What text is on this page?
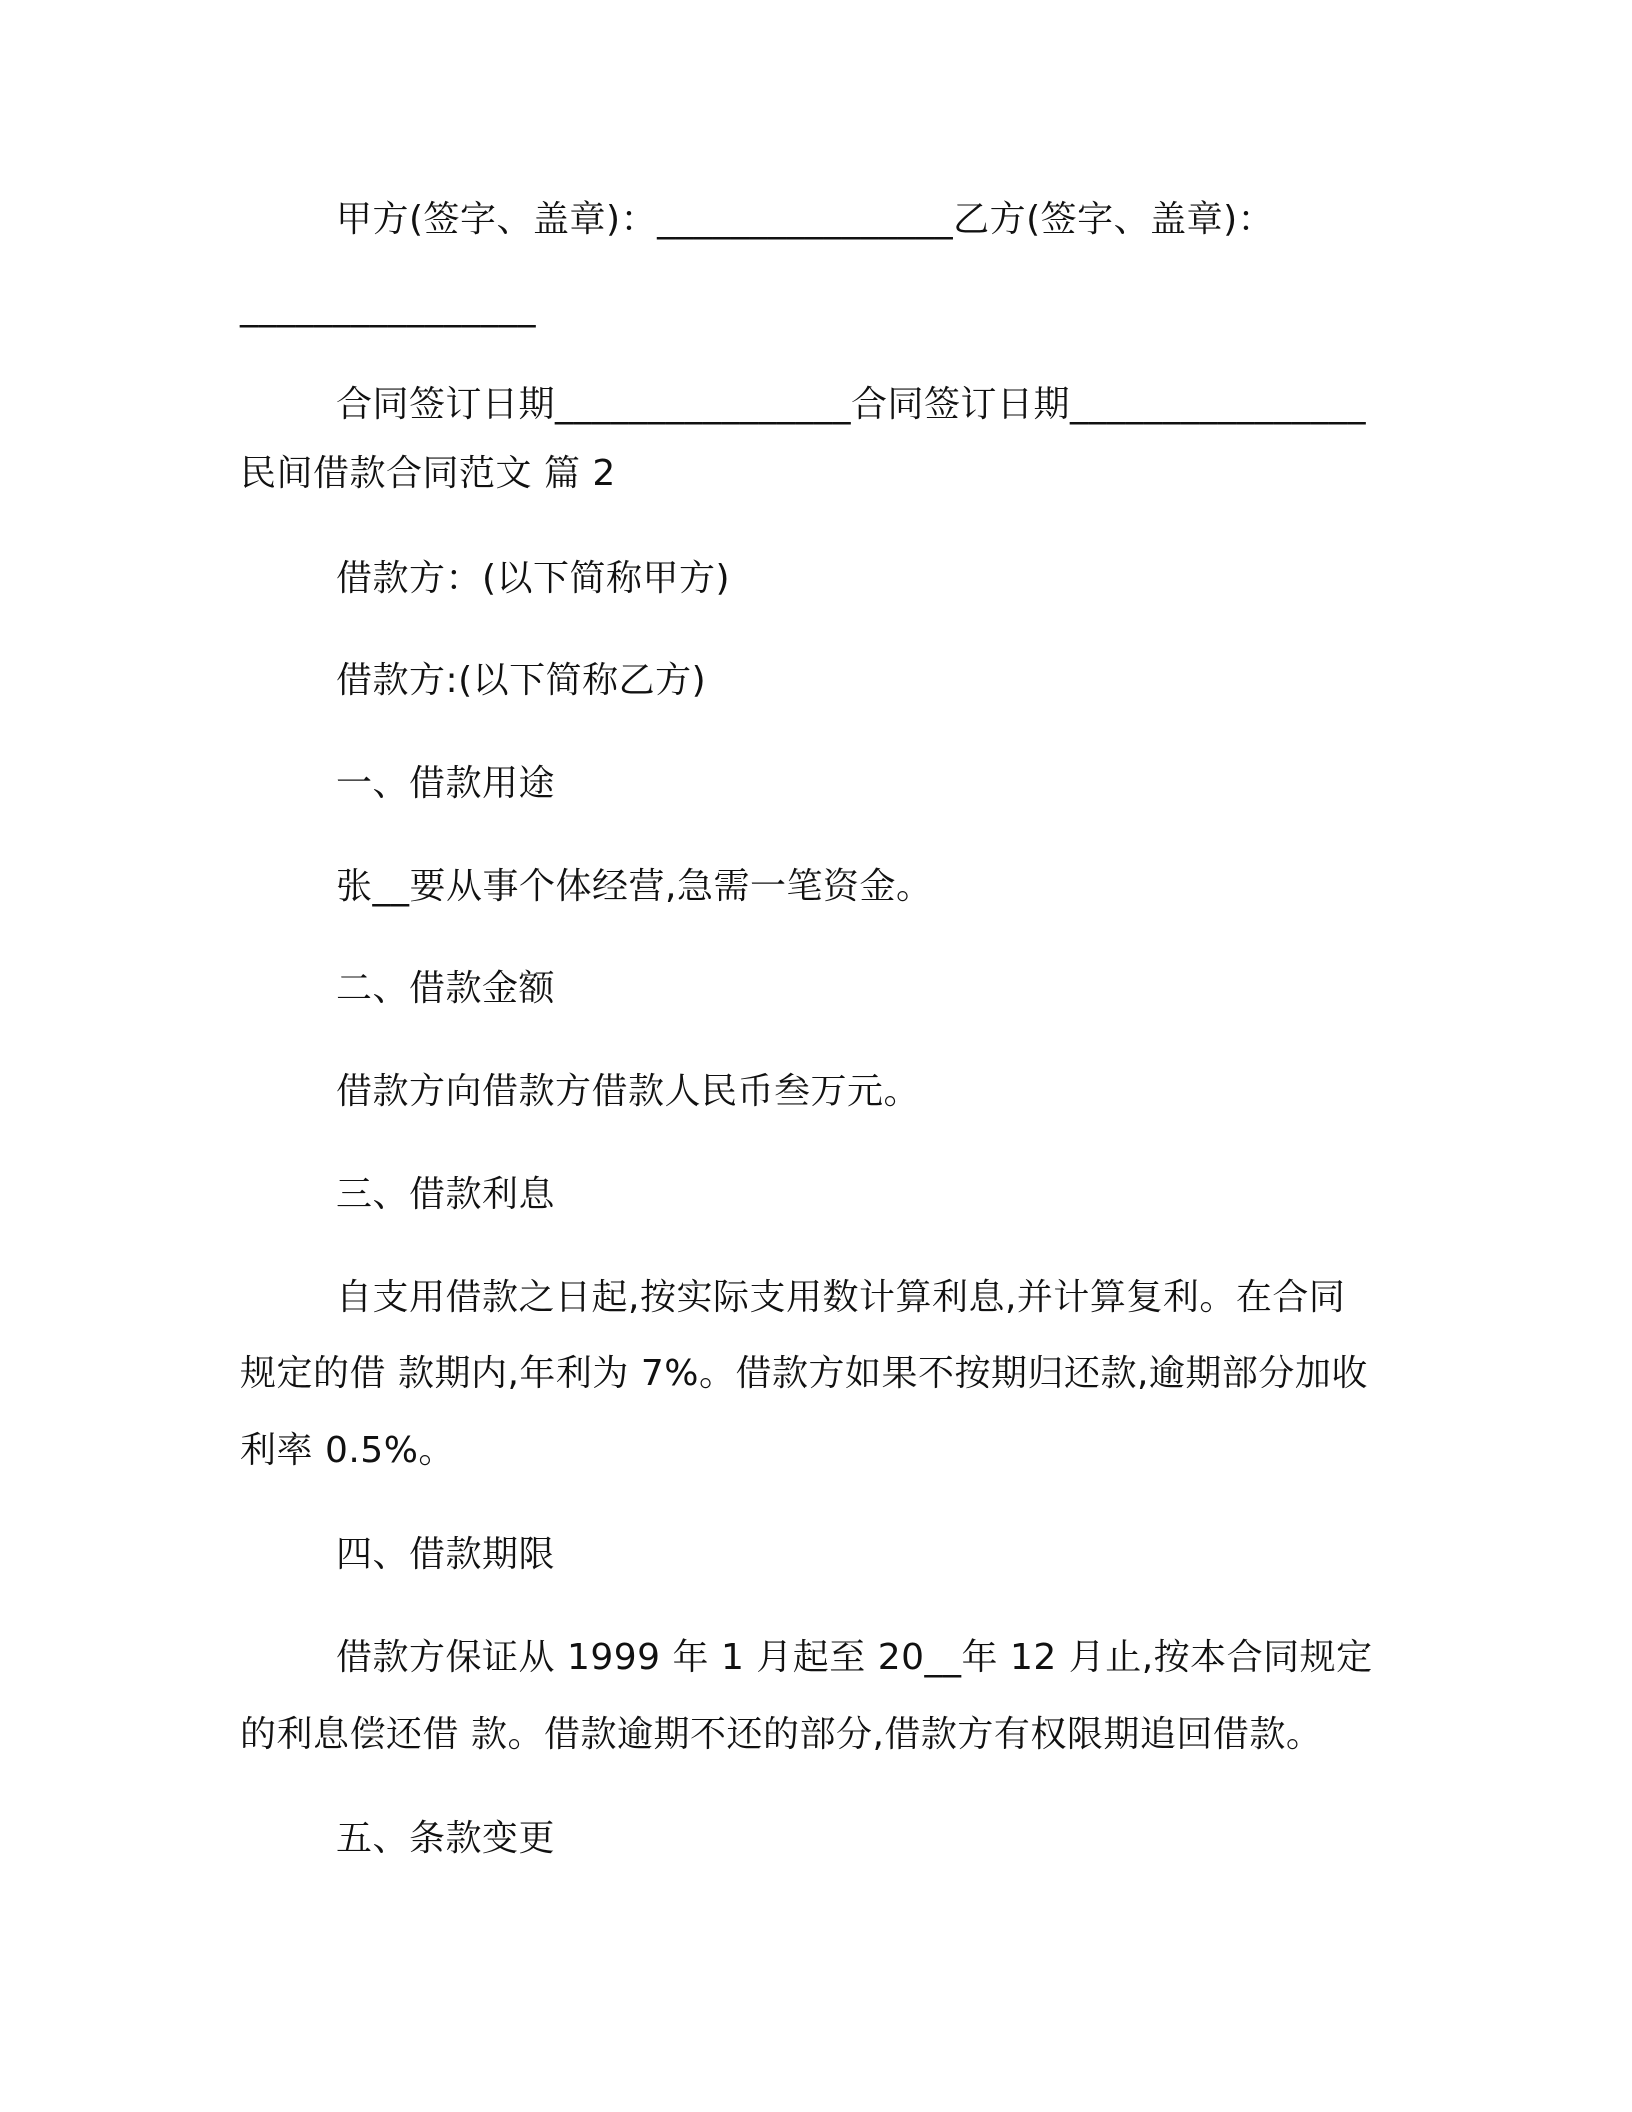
甲方(签字、盖章)：________________乙方(签字、盖章)：
________________
合同签订日期________________合同签订日期________________
民间借款合同范文 篇 2
借款方：(以下简称甲方)
借款方:(以下简称乙方)
一、借款用途
张__要从事个体经营,急需一笔资金。
二、借款金额
借款方向借款方借款人民币叁万元。
三、借款利息
自支用借款之日起,按实际支用数计算利息,并计算复利。在合同
规定的借 款期内,年利为 7%。借款方如果不按期归还款,逾期部分加收
利率 0.5%。
四、借款期限
借款方保证从 1999 年 1 月起至 20__年 12 月止,按本合同规定
的利息偿还借 款。借款逾期不还的部分,借款方有权限期追回借款。
五、条款变更
